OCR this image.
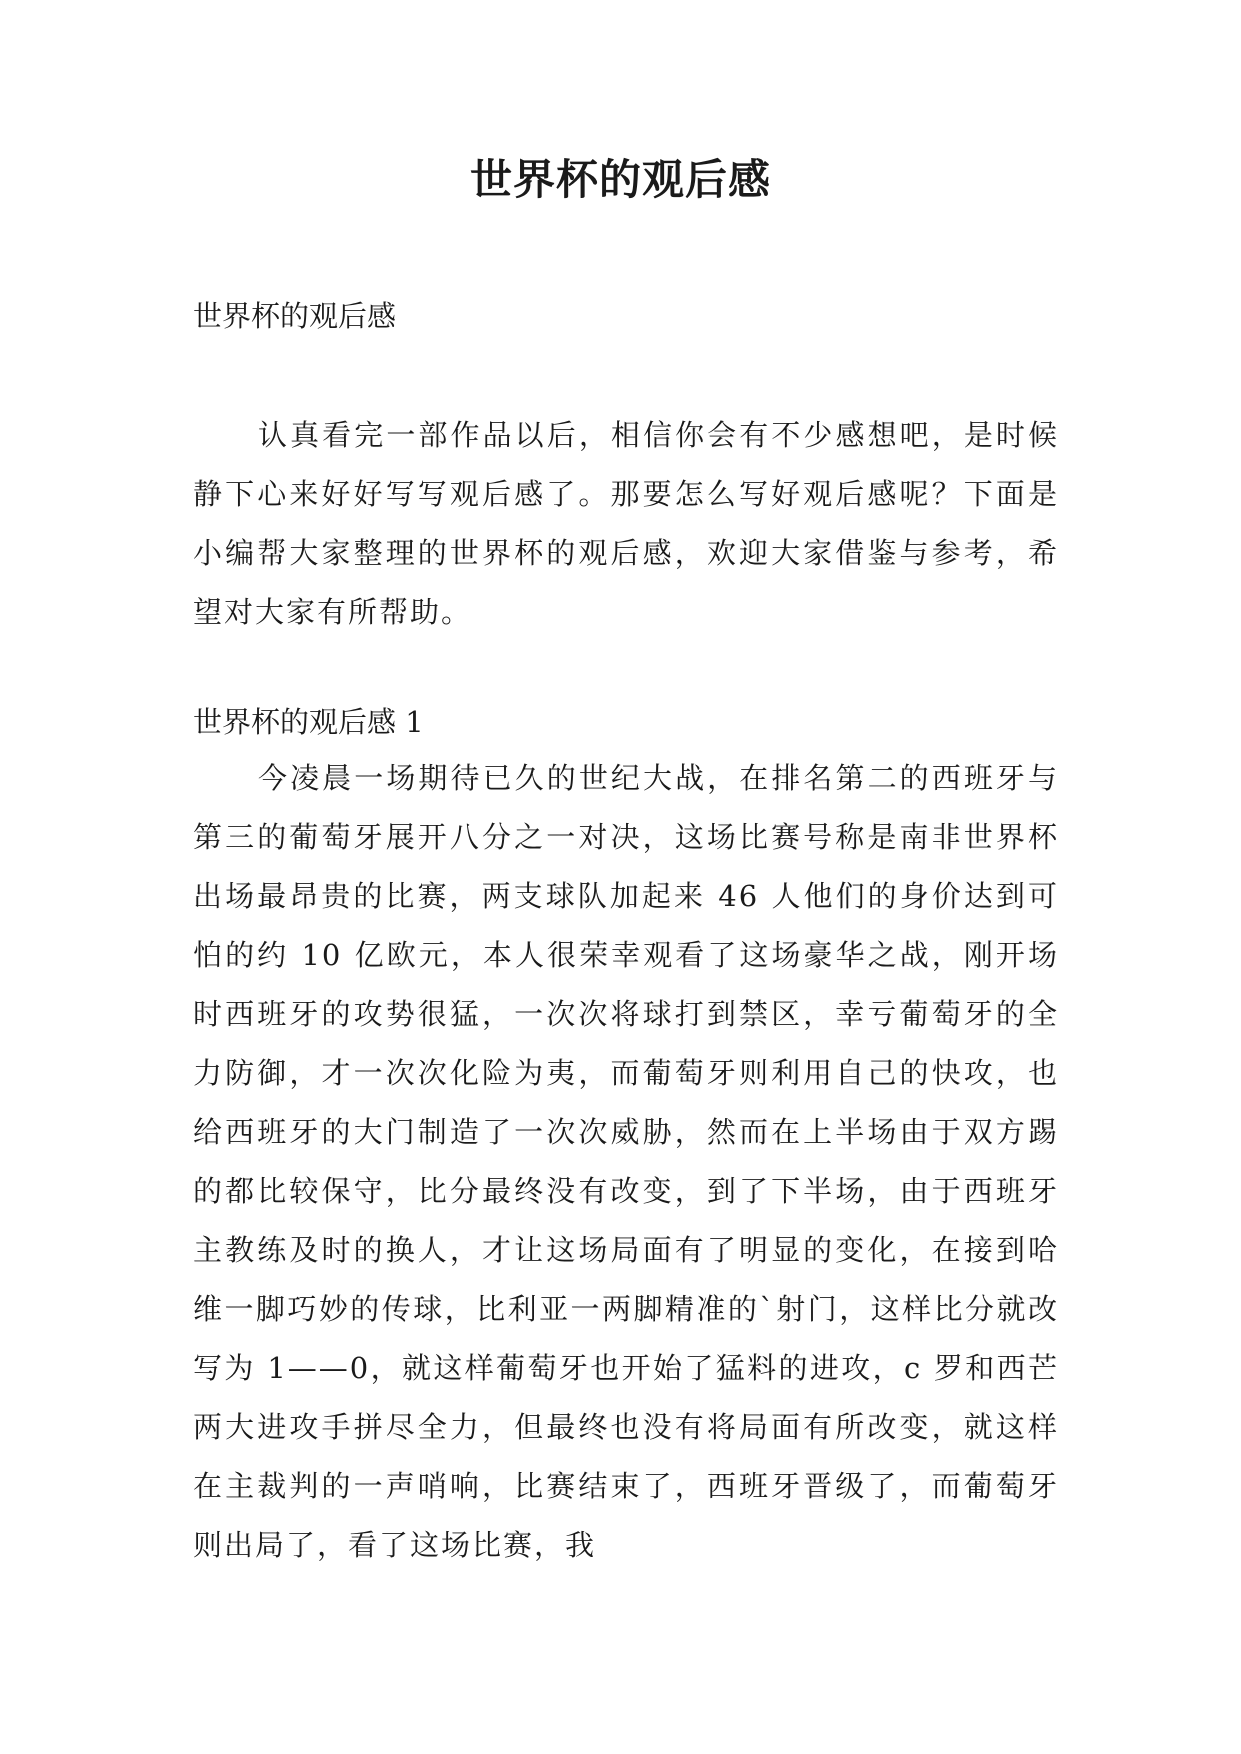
世界杯的观后感

世界杯的观后感

认真看完一部作品以后，相信你会有不少感想吧，是时候静下心来好好写写观后感了。那要怎么写好观后感呢？下面是小编帮大家整理的世界杯的观后感，欢迎大家借鉴与参考，希望对大家有所帮助。

世界杯的观后感 1

今凌晨一场期待已久的世纪大战，在排名第二的西班牙与第三的葡萄牙展开八分之一对决，这场比赛号称是南非世界杯出场最昂贵的比赛，两支球队加起来 46 人他们的身价达到可怕的约 10 亿欧元，本人很荣幸观看了这场豪华之战，刚开场时西班牙的攻势很猛，一次次将球打到禁区，幸亏葡萄牙的全力防御，才一次次化险为夷，而葡萄牙则利用自己的快攻，也给西班牙的大门制造了一次次威胁，然而在上半场由于双方踢的都比较保守，比分最终没有改变，到了下半场，由于西班牙主教练及时的换人，才让这场局面有了明显的变化，在接到哈维一脚巧妙的传球，比利亚一两脚精准的`射门，这样比分就改写为 1——0，就这样葡萄牙也开始了猛料的进攻，c 罗和西芒两大进攻手拼尽全力，但最终也没有将局面有所改变，就这样在主裁判的一声哨响，比赛结束了，西班牙晋级了，而葡萄牙则出局了，看了这场比赛，我
